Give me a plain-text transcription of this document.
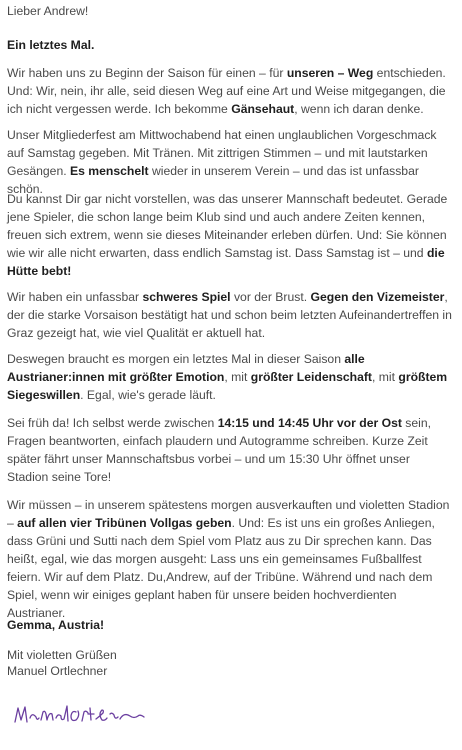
Lieber Andrew!

Ein letztes Mal.

Wir haben uns zu Beginn der Saison für einen – für unseren – Weg entschieden. Und: Wir, nein, ihr alle, seid diesen Weg auf eine Art und Weise mitgegangen, die ich nicht vergessen werde. Ich bekomme Gänsehaut, wenn ich daran denke.

Unser Mitgliederfest am Mittwochabend hat einen unglaublichen Vorgeschmack auf Samstag gegeben. Mit Tränen. Mit zittrigen Stimmen – und mit lautstarken Gesängen. Es menschelt wieder in unserem Verein – und das ist unfassbar schön.

Du kannst Dir gar nicht vorstellen, was das unserer Mannschaft bedeutet. Gerade jene Spieler, die schon lange beim Klub sind und auch andere Zeiten kennen, freuen sich extrem, wenn sie dieses Miteinander erleben dürfen. Und: Sie können wie wir alle nicht erwarten, dass endlich Samstag ist. Dass Samstag ist – und die Hütte bebt!

Wir haben ein unfassbar schweres Spiel vor der Brust. Gegen den Vizemeister, der die starke Vorsaison bestätigt hat und schon beim letzten Aufeinandertreffen in Graz gezeigt hat, wie viel Qualität er aktuell hat.

Deswegen braucht es morgen ein letztes Mal in dieser Saison alle Austrianer:innen mit größter Emotion, mit größter Leidenschaft, mit größtem Siegeswillen. Egal, wie's gerade läuft.

Sei früh da! Ich selbst werde zwischen 14:15 und 14:45 Uhr vor der Ost sein, Fragen beantworten, einfach plaudern und Autogramme schreiben. Kurze Zeit später fährt unser Mannschaftsbus vorbei – und um 15:30 Uhr öffnet unser Stadion seine Tore!

Wir müssen – in unserem spätestens morgen ausverkauften und violetten Stadion – auf allen vier Tribünen Vollgas geben. Und: Es ist uns ein großes Anliegen, dass Grüni und Sutti nach dem Spiel vom Platz aus zu Dir sprechen kann. Das heißt, egal, wie das morgen ausgeht: Lass uns ein gemeinsames Fußballfest feiern. Wir auf dem Platz. Du,Andrew, auf der Tribüne. Während und nach dem Spiel, wenn wir einiges geplant haben für unsere beiden hochverdienten Austrianer.

Gemma, Austria!

Mit violetten Grüßen

Manuel Ortlechner
